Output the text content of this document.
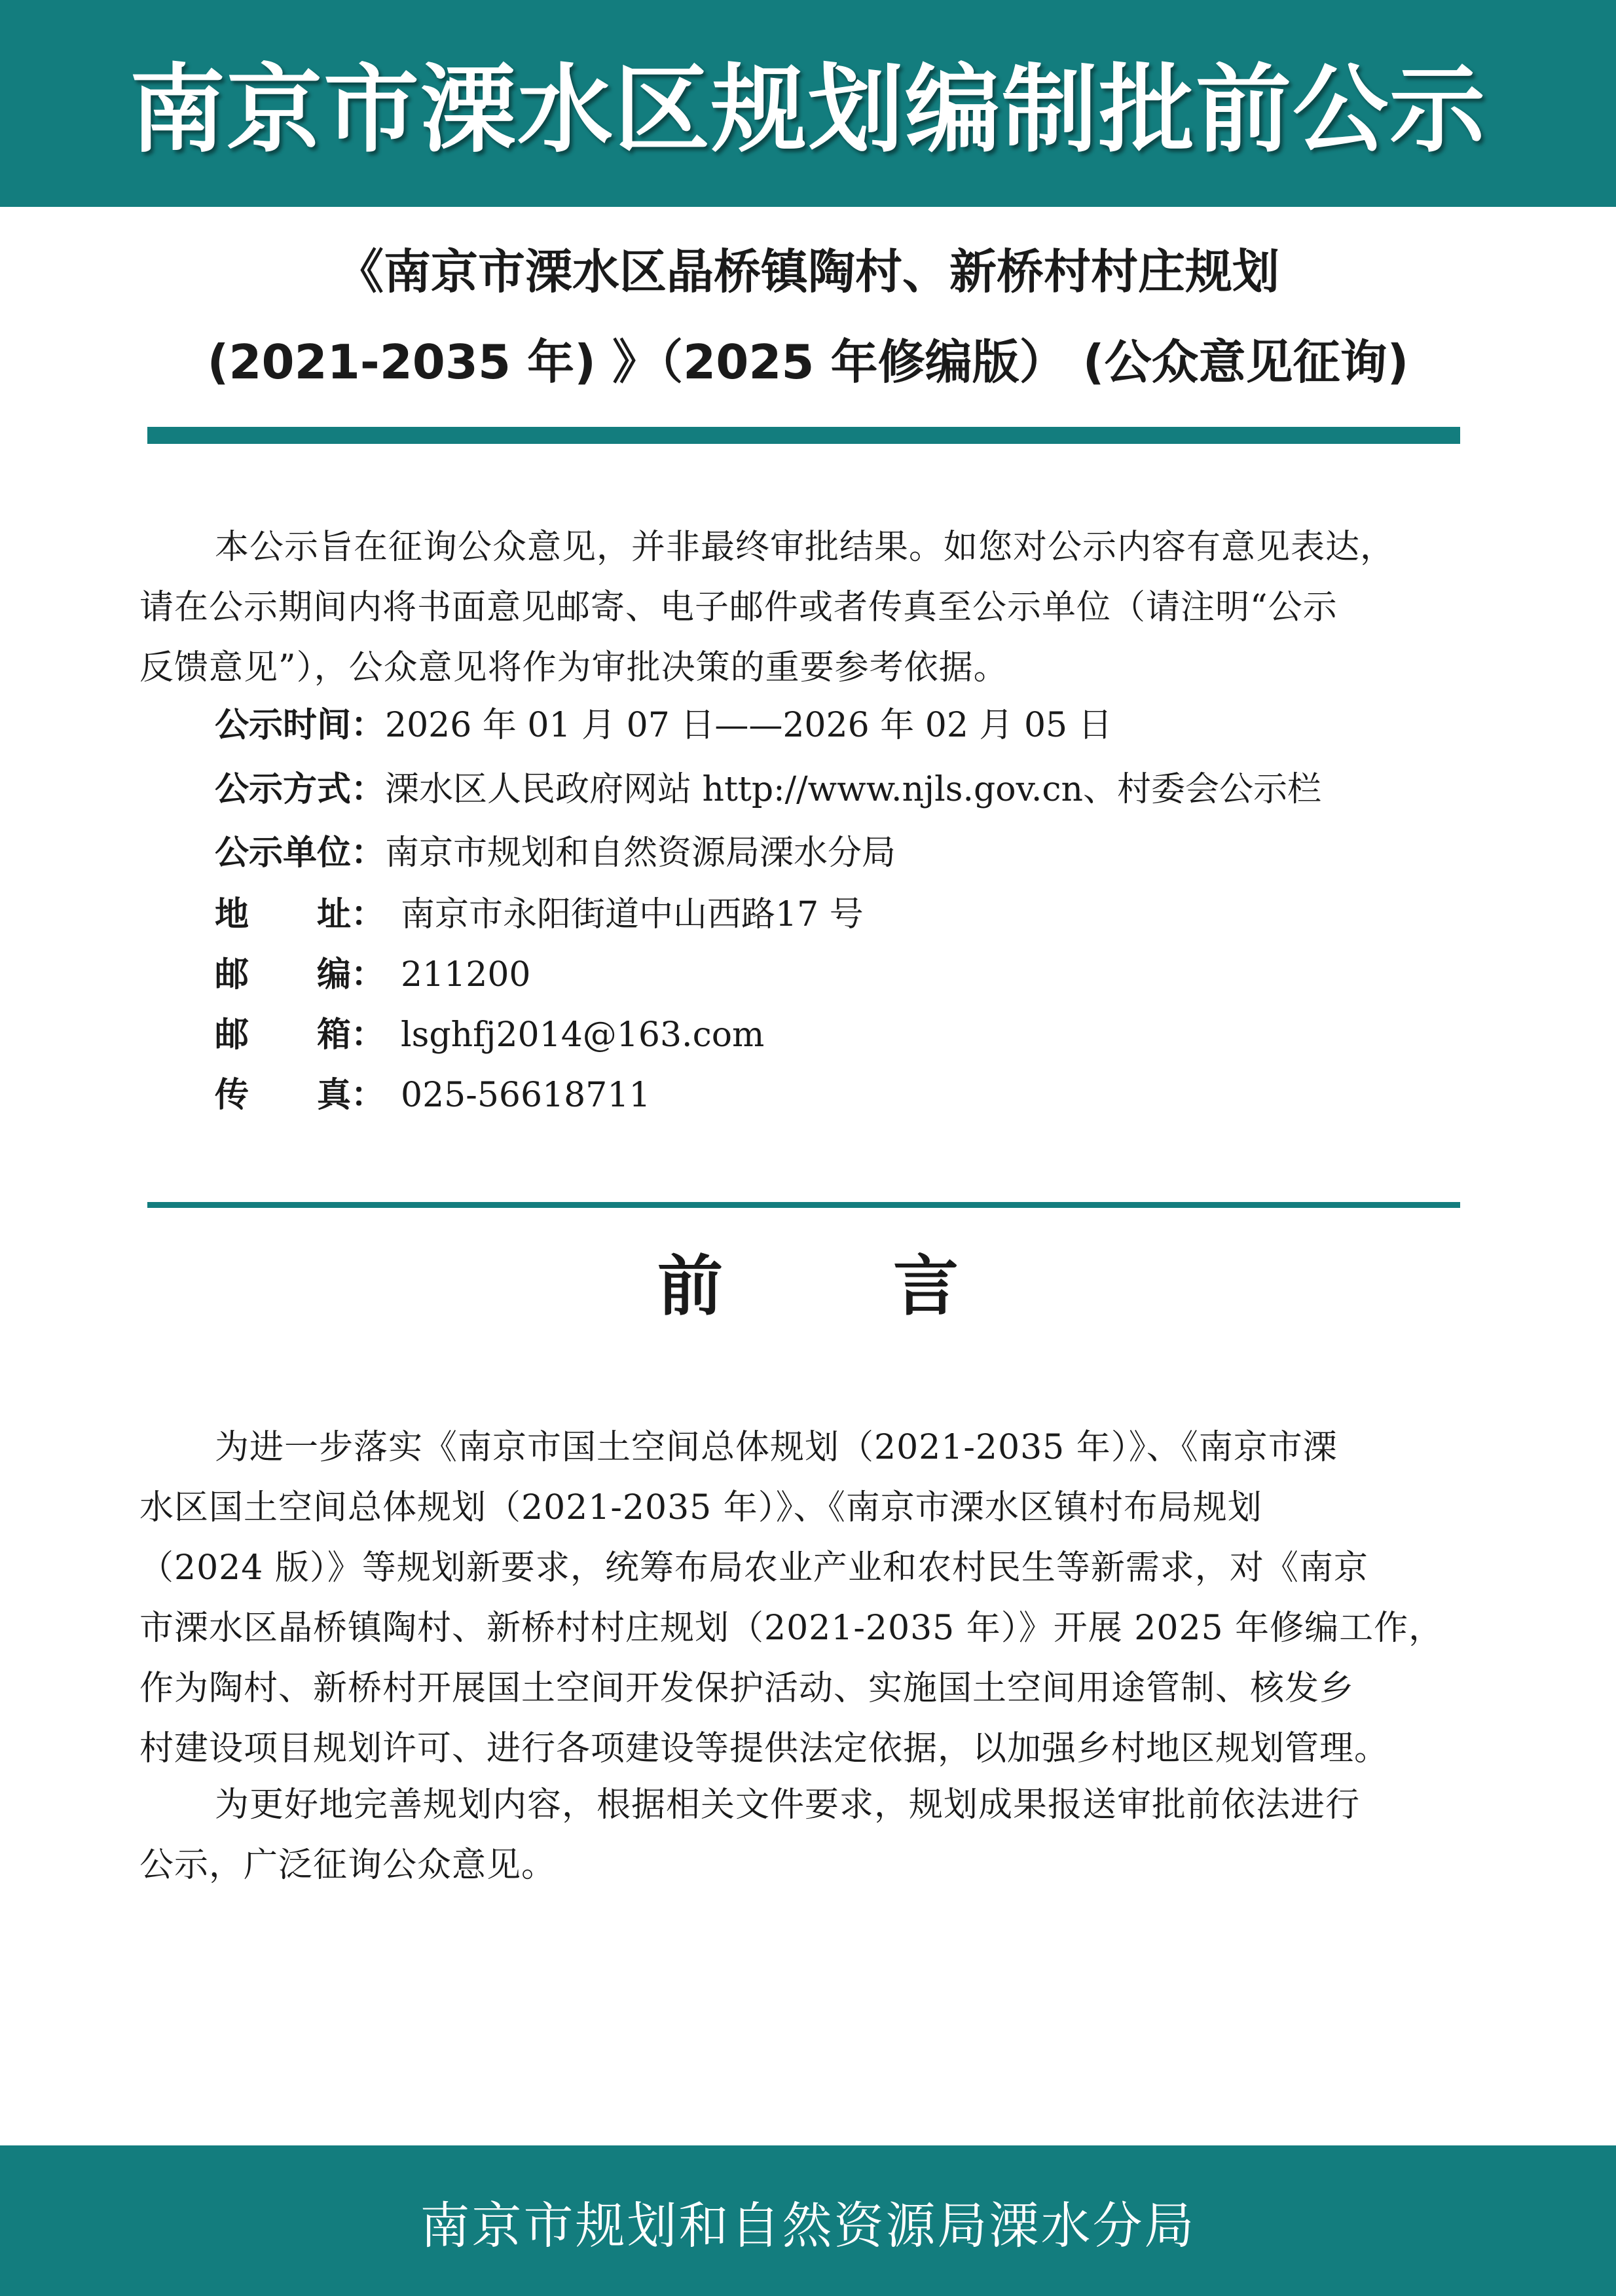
南京市溧水区规划编制批前公示
《南京市溧水区晶桥镇陶村、新桥村村庄规划
(2021-2035 年) 》（2025 年修编版） (公众意见征询)

本公示旨在征询公众意见，并非最终审批结果。如您对公示内容有意见表达，
请在公示期间内将书面意见邮寄、电子邮件或者传真至公示单位（请注明“公示
反馈意见”），公众意见将作为审批决策的重要参考依据。

公示时间：2026 年 01 月 07 日——2026 年 02 月 05 日
公示方式：溧水区人民政府网站 http://www.njls.gov.cn、村委会公示栏
公示单位：南京市规划和自然资源局溧水分局
地　　址： 南京市永阳街道中山西路17 号
邮　　编： 211200
邮　　箱： lsghfj2014@163.com
传　　真： 025-56618711
前言

为进一步落实《南京市国土空间总体规划（2021-2035 年）》、《南京市溧
水区国土空间总体规划（2021-2035 年）》、《南京市溧水区镇村布局规划
（2024 版）》等规划新要求，统筹布局农业产业和农村民生等新需求，对《南京
市溧水区晶桥镇陶村、新桥村村庄规划（2021-2035 年）》开展 2025 年修编工作，
作为陶村、新桥村开展国土空间开发保护活动、实施国土空间用途管制、核发乡
村建设项目规划许可、进行各项建设等提供法定依据，以加强乡村地区规划管理。

为更好地完善规划内容，根据相关文件要求，规划成果报送审批前依法进行
公示，广泛征询公众意见。

南京市规划和自然资源局溧水分局
